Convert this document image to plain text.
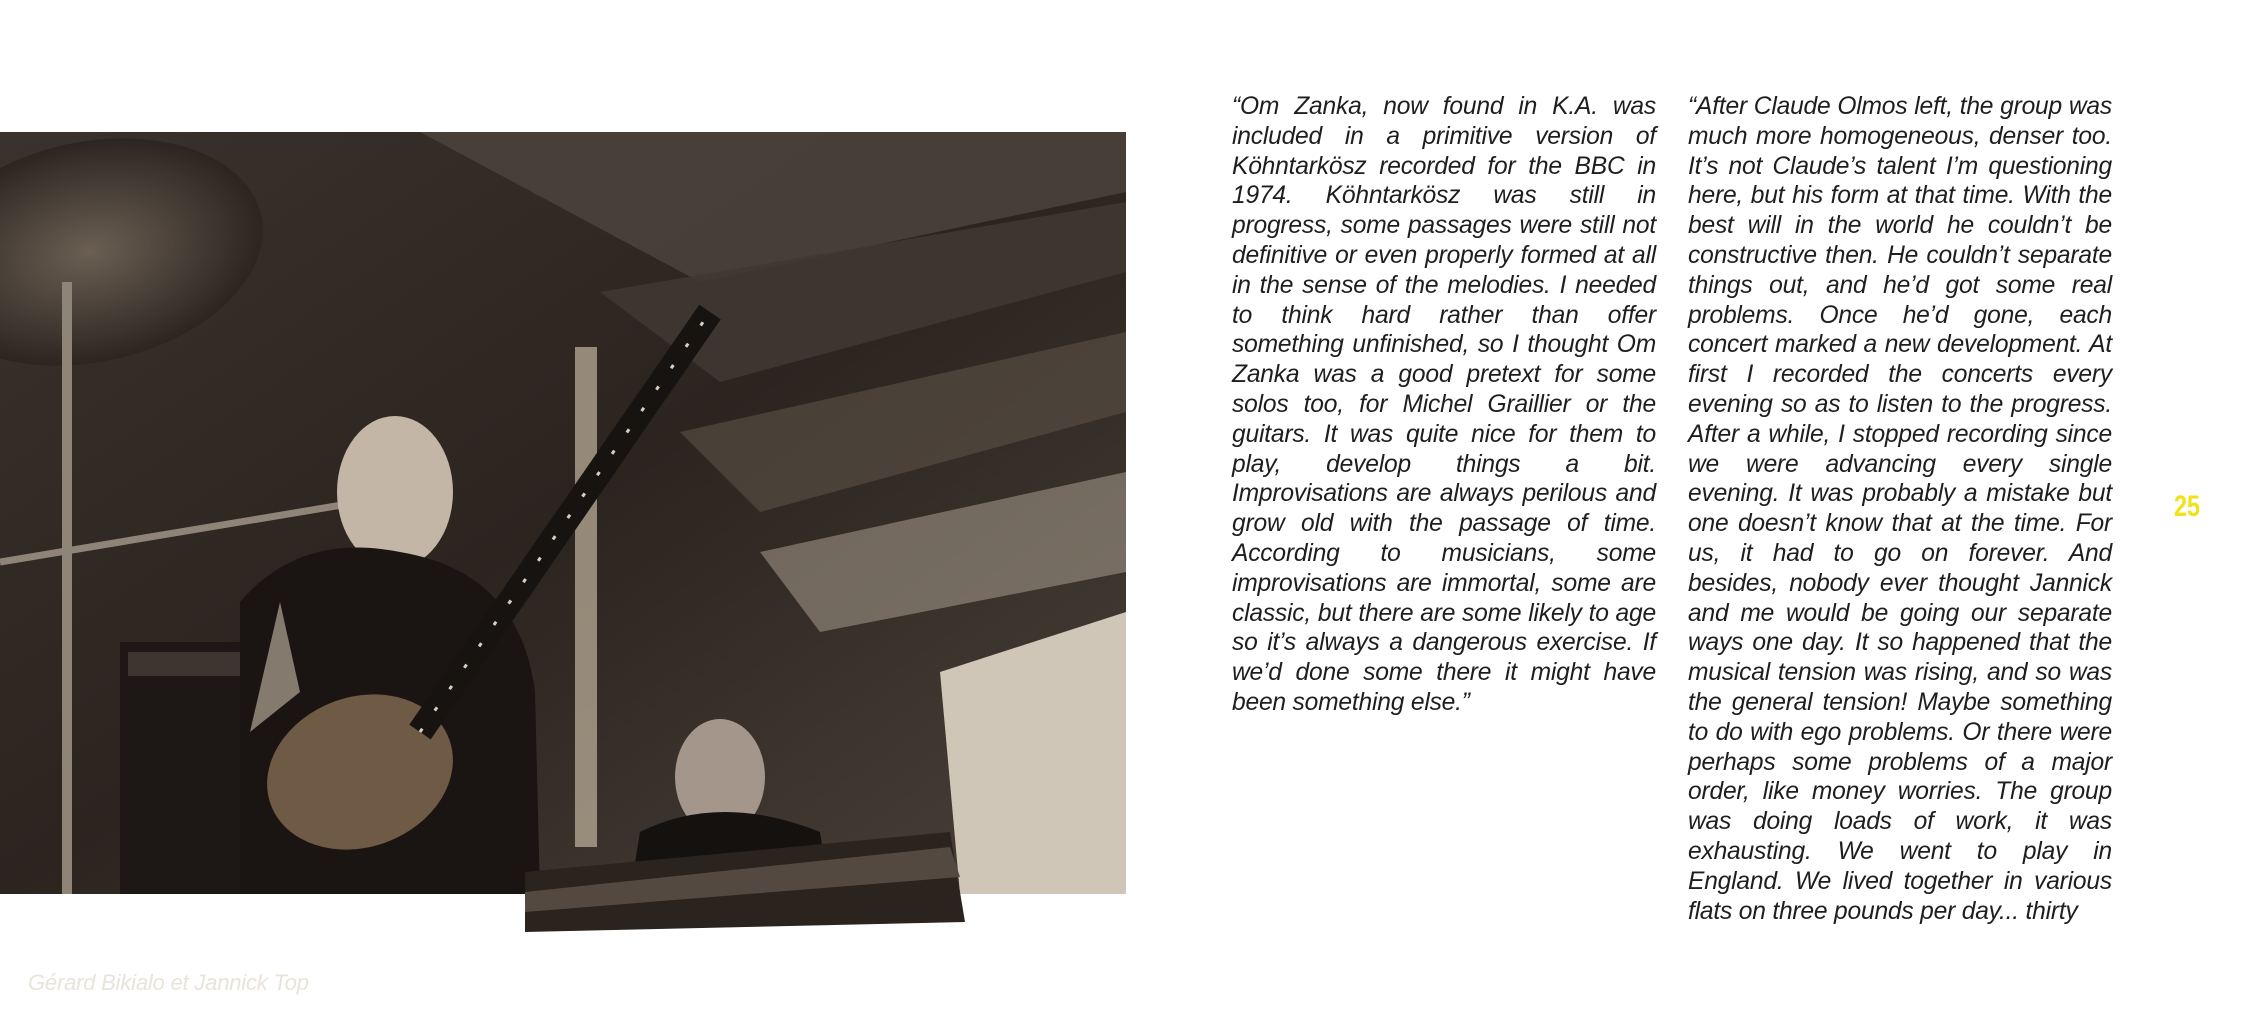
Gérard Bikialo et Jannick Top
“Om Zanka, now found in K.A. was included in a primitive version of Köhntarkösz recorded for the BBC in 1974. Köhntarkösz was still in progress, some passages were still not definitive or even properly formed at all in the sense of the melodies. I needed to think hard rather than offer something unfinished, so I thought Om Zanka was a good pretext for some solos too, for Michel Graillier or the guitars. It was quite nice for them to play, develop things a bit. Improvisations are always perilous and grow old with the passage of time. According to musicians, some improvisations are immortal, some are classic, but there are some likely to age so it’s always a dangerous exercise. If we’d done some there it might have been something else.”
“After Claude Olmos left, the group was much more homogeneous, denser too. It’s not Claude’s talent I’m questioning here, but his form at that time. With the best will in the world he couldn’t be constructive then. He couldn’t separate things out, and he’d got some real problems. Once he’d gone, each concert marked a new development. At first I recorded the concerts every evening so as to listen to the progress. After a while, I stopped recording since we were advancing every single evening. It was probably a mistake but one doesn’t know that at the time. For us, it had to go on forever. And besides, nobody ever thought Jannick and me would be going our separate ways one day. It so happened that the musical tension was rising, and so was the general tension! Maybe something to do with ego problems. Or there were perhaps some problems of a major order, like money worries. The group was doing loads of work, it was exhausting. We went to play in England. We lived together in various flats on three pounds per day... thirty
25
